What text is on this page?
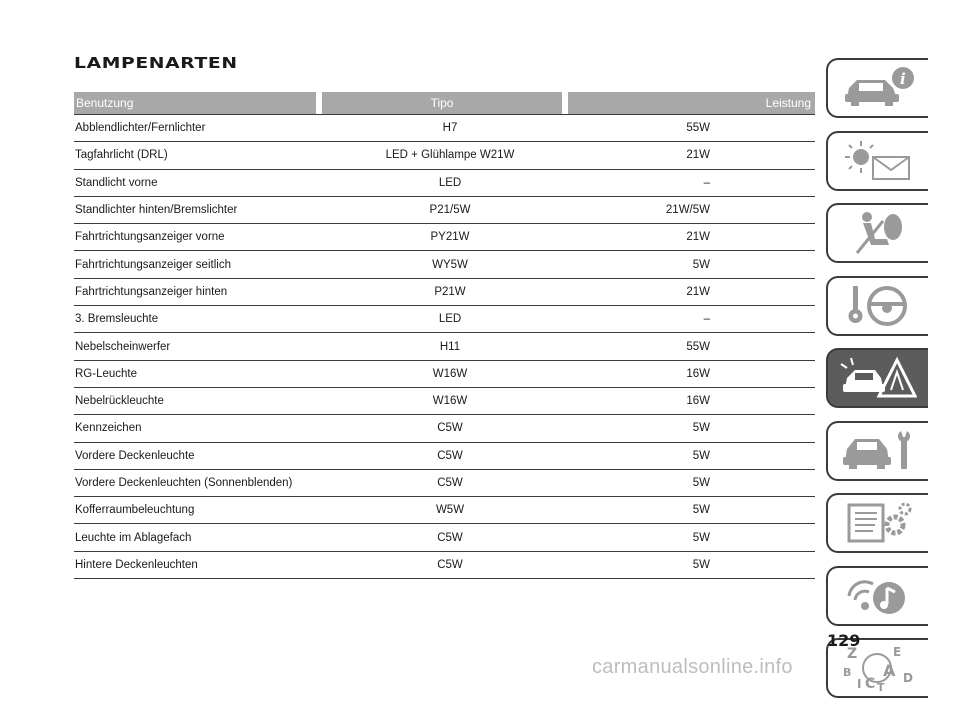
LAMPENARTEN
Benutzung	Tipo	Leistung
Abblendlichter/Fernlichter	H7	55W
Tagfahrlicht (DRL)	LED + Glühlampe W21W	21W
Standlicht vorne	LED	–
Standlichter hinten/Bremslichter	P21/5W	21W/5W
Fahrtrichtungsanzeiger vorne	PY21W	21W
Fahrtrichtungsanzeiger seitlich	WY5W	5W
Fahrtrichtungsanzeiger hinten	P21W	21W
3. Bremsleuchte	LED	–
Nebelscheinwerfer	H11	55W
RG-Leuchte	W16W	16W
Nebelrückleuchte	W16W	16W
Kennzeichen	C5W	5W
Vordere Deckenleuchte	C5W	5W
Vordere Deckenleuchten (Sonnenblenden)	C5W	5W
Kofferraumbeleuchtung	W5W	5W
Leuchte im Ablagefach	C5W	5W
Hintere Deckenleuchten	C5W	5W
i
Z	E
B A
I C D
T
129
carmanualsonline.info
